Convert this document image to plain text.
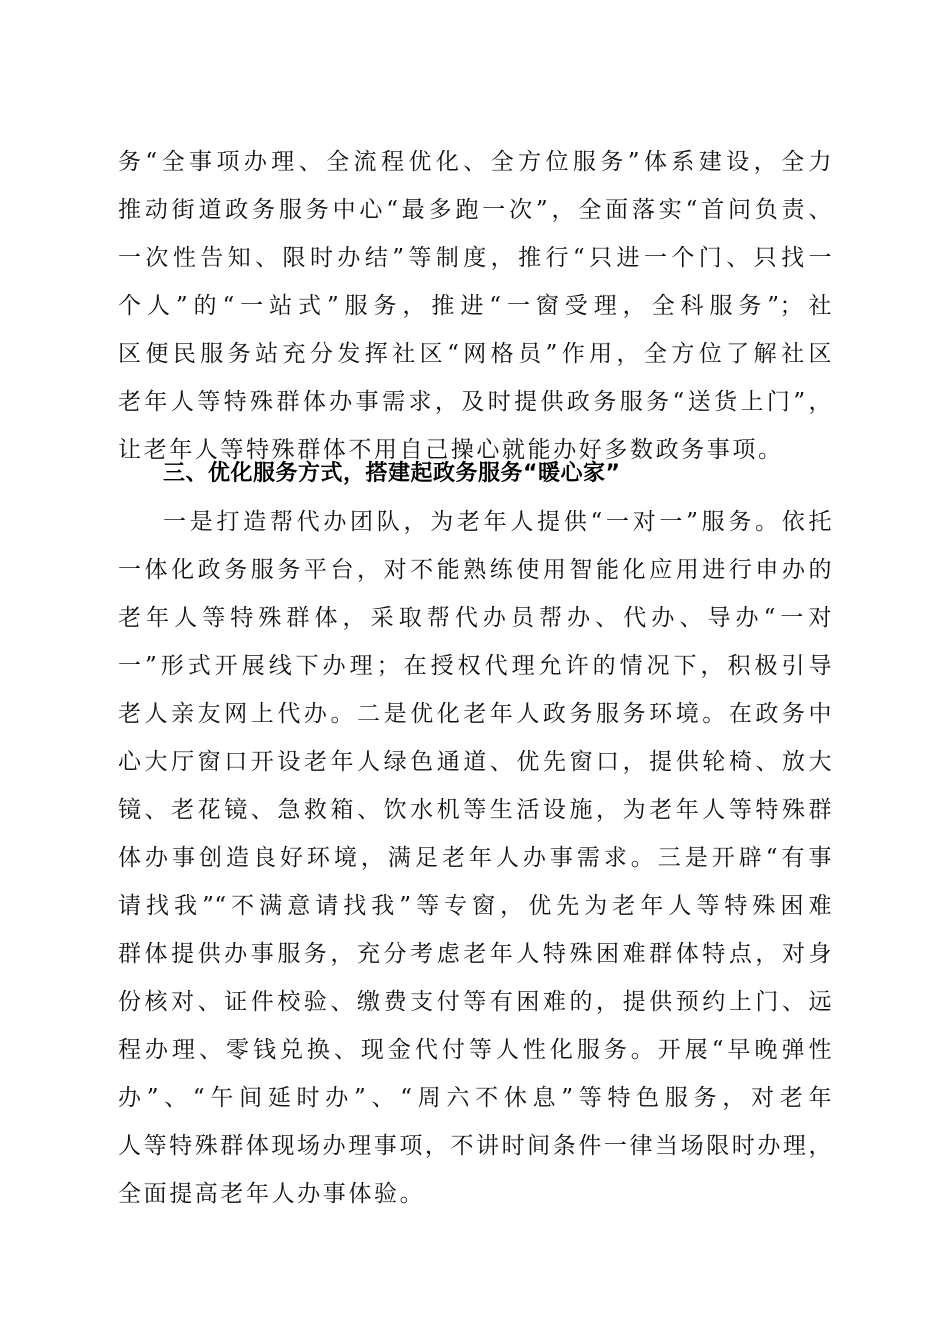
务“全事项办理、全流程优化、全方位服务”体系建设，全力
推动街道政务服务中心“最多跑一次”，全面落实“首问负责、
一次性告知、限时办结”等制度，推行“只进一个门、只找一
个人”的“一站式”服务，推进“一窗受理，全科服务”；社
区便民服务站充分发挥社区“网格员”作用，全方位了解社区
老年人等特殊群体办事需求，及时提供政务服务“送货上门”，
让老年人等特殊群体不用自己操心就能办好多数政务事项。
三、优化服务方式，搭建起政务服务“暖心家”
一是打造帮代办团队，为老年人提供“一对一”服务。依托
一体化政务服务平台，对不能熟练使用智能化应用进行申办的
老年人等特殊群体，采取帮代办员帮办、代办、导办“一对
一”形式开展线下办理；在授权代理允许的情况下，积极引导
老人亲友网上代办。二是优化老年人政务服务环境。在政务中
心大厅窗口开设老年人绿色通道、优先窗口，提供轮椅、放大
镜、老花镜、急救箱、饮水机等生活设施，为老年人等特殊群
体办事创造良好环境，满足老年人办事需求。三是开辟“有事
请找我”“不满意请找我”等专窗，优先为老年人等特殊困难
群体提供办事服务，充分考虑老年人特殊困难群体特点，对身
份核对、证件校验、缴费支付等有困难的，提供预约上门、远
程办理、零钱兑换、现金代付等人性化服务。开展“早晚弹性
办”、“午间延时办”、“周六不休息”等特色服务，对老年
人等特殊群体现场办理事项，不讲时间条件一律当场限时办理，
全面提高老年人办事体验。
